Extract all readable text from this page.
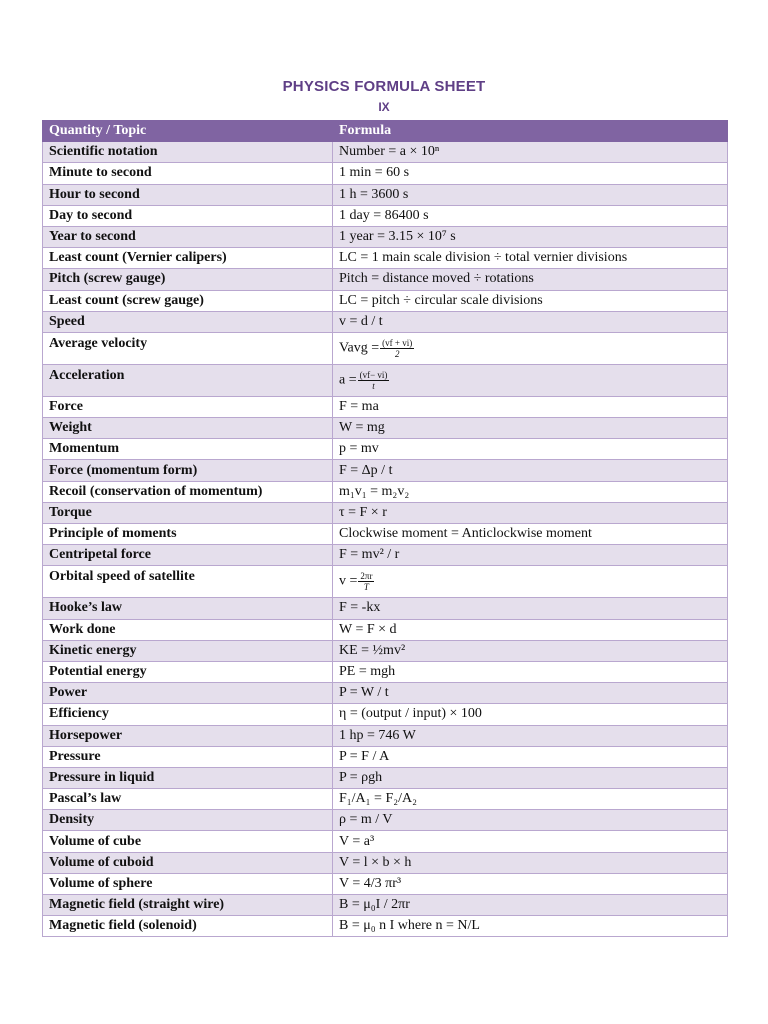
PHYSICS FORMULA SHEET
IX
Quantity / Topic	Formula
Scientific notation	Number = a × 10ⁿ
Minute to second	1 min = 60 s
Hour to second	1 h = 3600 s
Day to second	1 day = 86400 s
Year to second	1 year = 3.15 × 10⁷ s
Least count (Vernier calipers)	LC = 1 main scale division ÷ total vernier divisions
Pitch (screw gauge)	Pitch = distance moved ÷ rotations
Least count (screw gauge)	LC = pitch ÷ circular scale divisions
Speed	v = d / t
Average velocity	Vavg = $\frac{(vf + vi)}{2}$

Acceleration	$a = \frac{(vf- vi)}{t}$

Force	F = ma
Weight	W = mg
Momentum	p = mv
Force (momentum form)	F = Δp / t
Recoil (conservation of momentum)	m₁v₁ = m₂v₂
Torque	τ = F × r
Principle of moments	Clockwise moment = Anticlockwise moment
Centripetal force	F = mv² / r
Orbital speed of satellite	$v = \frac{2\pi r}{T}$

Hooke’s law	F = -kx
Work done	W = F × d
Kinetic energy	KE = ½mv²
Potential energy	PE = mgh
Power	P = W / t
Efficiency	η = (output / input) × 100
Horsepower	1 hp = 746 W
Pressure	P = F / A
Pressure in liquid	P = ρgh
Pascal’s law	F₁/A₁ = F₂/A₂
Density	ρ = m / V
Volume of cube	V = a³
Volume of cuboid	V = l × b × h
Volume of sphere	V = 4/3 πr³
Magnetic field (straight wire)	B = μ₀I / 2πr
Magnetic field (solenoid)	B = μ₀ n I where n = N/L
